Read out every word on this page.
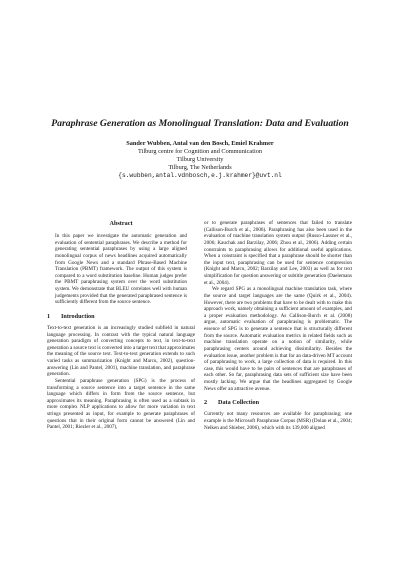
Paraphrase Generation as Monolingual Translation: Data and Evaluation
Sander Wubben, Antal van den Bosch, Emiel Krahmer
Tilburg centre for Cognition and Communication
Tilburg University
Tilburg, The Netherlands
{s.wubben,antal.vdnbosch,e.j.krahmer}@uvt.nl
Abstract

In this paper we investigate the automatic generation and evaluation of sentential paraphrases. We describe a method for generating sentential paraphrases by using a large aligned monolingual corpus of news headlines acquired automatically from Google News and a standard Phrase-Based Machine Translation (PBMT) framework. The output of this system is compared to a word substitution baseline. Human judges prefer the PBMT paraphrasing system over the word substitution system. We demonstrate that BLEU correlates well with human judgements provided that the generated paraphrased sentence is sufficiently different from the source sentence.

1 Introduction

Text-to-text generation is an increasingly studied subfield in natural language processing. In contrast with the typical natural language generation paradigm of converting concepts to text, in text-to-text generation a source text is converted into a target text that approximates the meaning of the source text. Text-to-text generation extends to such varied tasks as summarization (Knight and Marcu, 2002), question-answering (Lin and Pantel, 2001), machine translation, and paraphrase generation.

Sentential paraphrase generation (SPG) is the process of transforming a source sentence into a target sentence in the same language which differs in form from the source sentence, but approximates its meaning. Paraphrasing is often used as a subtask in more complex NLP applications to allow for more variation in text strings presented as input, for example to generate paraphrases of questions that in their original form cannot be answered (Lin and Pantel, 2001; Riezler et al., 2007),

or to generate paraphrases of sentences that failed to translate (Callison-Burch et al., 2006). Paraphrasing has also been used in the evaluation of machine translation system output (Russo-Lassner et al., 2006; Kauchak and Barzilay, 2006; Zhou et al., 2006). Adding certain constraints to paraphrasing allows for additional useful applications. When a constraint is specified that a paraphrase should be shorter than the input text, paraphrasing can be used for sentence compression (Knight and Marcu, 2002; Barzilay and Lee, 2003) as well as for text simplification for question answering or subtitle generation (Daelemans et al., 2004).

We regard SPG as a monolingual machine translation task, where the source and target languages are the same (Quirk et al., 2004). However, there are two problems that have to be dealt with to make this approach work, namely obtaining a sufficient amount of examples, and a proper evaluation methodology. As Callison-Burch et al. (2008) argue, automatic evaluation of paraphrasing is problematic. The essence of SPG is to generate a sentence that is structurally different from the source. Automatic evaluation metrics in related fields such as machine translation operate on a notion of similarity, while paraphrasing centers around achieving dissimilarity. Besides the evaluation issue, another problem is that for an data-driven MT account of paraphrasing to work, a large collection of data is required. In this case, this would have to be pairs of sentences that are paraphrases of each other. So far, paraphrasing data sets of sufficient size have been mostly lacking. We argue that the headlines aggregated by Google News offer an attractive avenue.

2 Data Collection

Currently not many resources are available for paraphrasing; one example is the Microsoft Paraphrase Corpus (MSR) (Dolan et al., 2004; Nelken and Shieber, 2006), which with its 139,000 aligned
